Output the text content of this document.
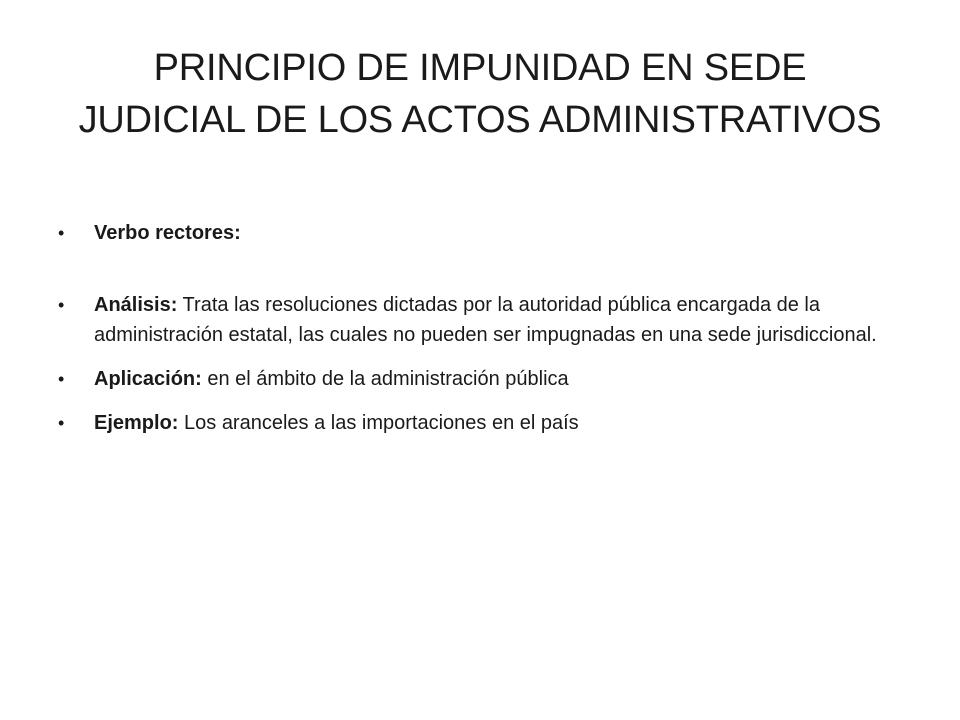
PRINCIPIO DE IMPUNIDAD EN SEDE
JUDICIAL DE LOS ACTOS ADMINISTRATIVOS
• Verbo rectores:
• Análisis: Trata las resoluciones dictadas por la autoridad pública encargada de la administración estatal, las cuales no pueden ser impugnadas en una sede jurisdiccional.
• Aplicación: en el ámbito de la administración pública
• Ejemplo: Los aranceles a las importaciones en el país
